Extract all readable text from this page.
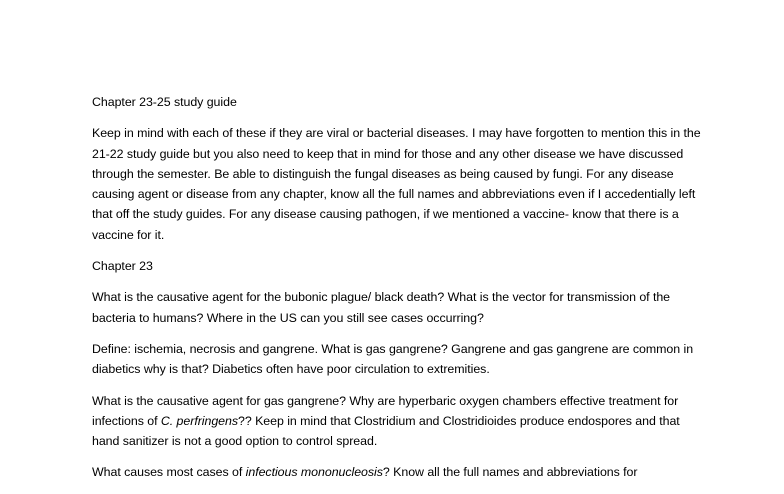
Chapter 23-25 study guide

Keep in mind with each of these if they are viral or bacterial diseases. I may have forgotten to mention this in the 21-22 study guide but you also need to keep that in mind for those and any other disease we have discussed through the semester. Be able to distinguish the fungal diseases as being caused by fungi. For any disease causing agent or disease from any chapter, know all the full names and abbreviations even if I accedentially left that off the study guides. For any disease causing pathogen, if we mentioned a vaccine- know that there is a vaccine for it.

Chapter 23

What is the causative agent for the bubonic plague/ black death? What is the vector for transmission of the bacteria to humans? Where in the US can you still see cases occurring?

Define: ischemia, necrosis and gangrene. What is gas gangrene? Gangrene and gas gangrene are common in diabetics why is that? Diabetics often have poor circulation to extremities.

What is the causative agent for gas gangrene? Why are hyperbaric oxygen chambers effective treatment for infections of C. perfringens?? Keep in mind that Clostridium and Clostridioides produce endospores and that hand sanitizer is not a good option to control spread.

What causes most cases of infectious mononucleosis? Know all the full names and abbreviations for
